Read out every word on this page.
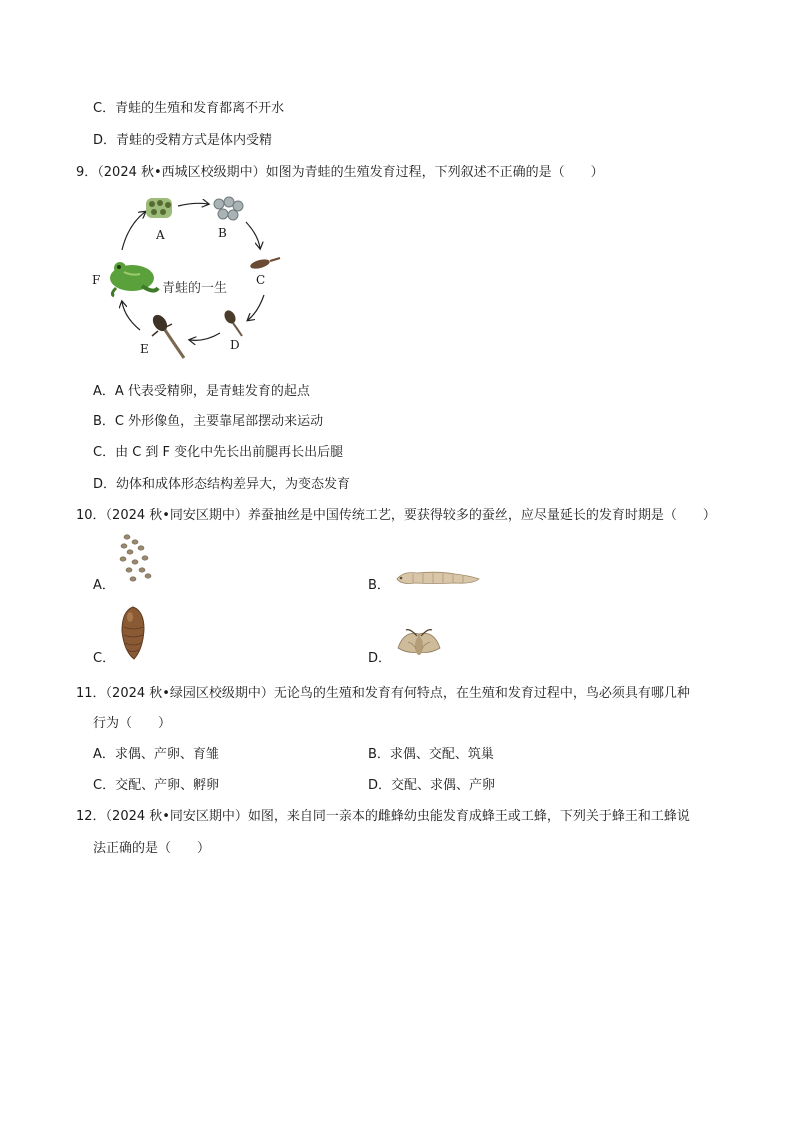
C．青蛙的生殖和发育都离不开水
D．青蛙的受精方式是体内受精
9．（2024 秋•西城区校级期中）如图为青蛙的生殖发育过程，下列叙述不正确的是（　　）
A	B
C
D
E
F
青蛙的一生
A．A 代表受精卵，是青蛙发育的起点
B．C 外形像鱼，主要靠尾部摆动来运动
C．由 C 到 F 变化中先长出前腿再长出后腿
D．幼体和成体形态结构差异大，为变态发育
10．（2024 秋•同安区期中）养蚕抽丝是中国传统工艺，要获得较多的蚕丝，应尽量延长的发育时期是（　　）
A．	B．
C．	D．
11．（2024 秋•绿园区校级期中）无论鸟的生殖和发育有何特点，在生殖和发育过程中，鸟必须具有哪几种
行为（　　）
A．求偶、产卵、育雏	B．求偶、交配、筑巢
C．交配、产卵、孵卵	D．交配、求偶、产卵
12．（2024 秋•同安区期中）如图，来自同一亲本的雌蜂幼虫能发育成蜂王或工蜂，下列关于蜂王和工蜂说
法正确的是（　　）
